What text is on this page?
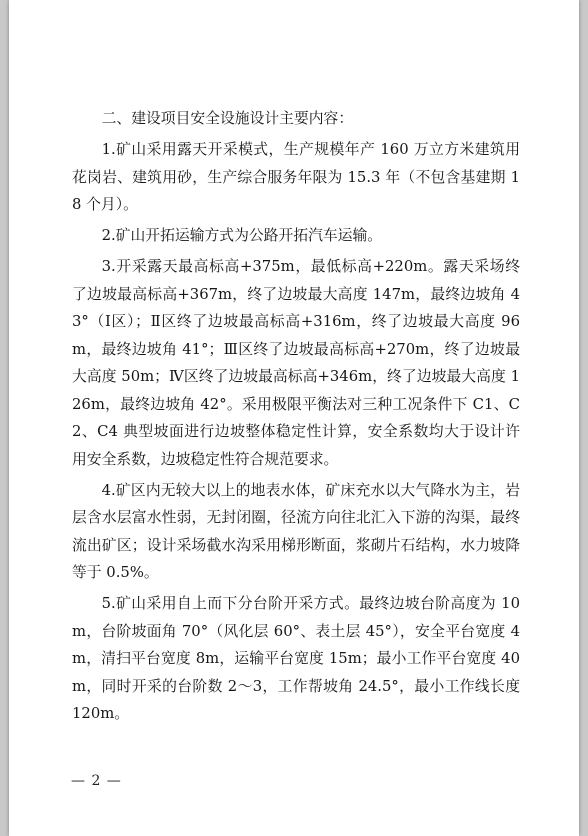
二、建设项目安全设施设计主要内容：

1.矿山采用露天开采模式，生产规模年产 160 万立方米建筑用花岗岩、建筑用砂，生产综合服务年限为 15.3 年（不包含基建期 18 个月）。

2.矿山开拓运输方式为公路开拓汽车运输。

3.开采露天最高标高+375m，最低标高+220m。露天采场终了边坡最高标高+367m，终了边坡最大高度 147m，最终边坡角 43°（Ⅰ区）；Ⅱ区终了边坡最高标高+316m，终了边坡最大高度 96m，最终边坡角 41°；Ⅲ区终了边坡最高标高+270m，终了边坡最大高度 50m；Ⅳ区终了边坡最高标高+346m，终了边坡最大高度 126m，最终边坡角 42°。采用极限平衡法对三种工况条件下 C1、C2、C4 典型坡面进行边坡整体稳定性计算，安全系数均大于设计许用安全系数，边坡稳定性符合规范要求。

4.矿区内无较大以上的地表水体，矿床充水以大气降水为主，岩层含水层富水性弱，无封闭圈，径流方向往北汇入下游的沟渠，最终流出矿区；设计采场截水沟采用梯形断面，浆砌片石结构，水力坡降等于 0.5%。

5.矿山采用自上而下分台阶开采方式。最终边坡台阶高度为 10m，台阶坡面角 70°（风化层 60°、表土层 45°），安全平台宽度 4m，清扫平台宽度 8m，运输平台宽度 15m；最小工作平台宽度 40m，同时开采的台阶数 2～3，工作帮坡角 24.5°，最小工作线长度 120m。

— 2 —
